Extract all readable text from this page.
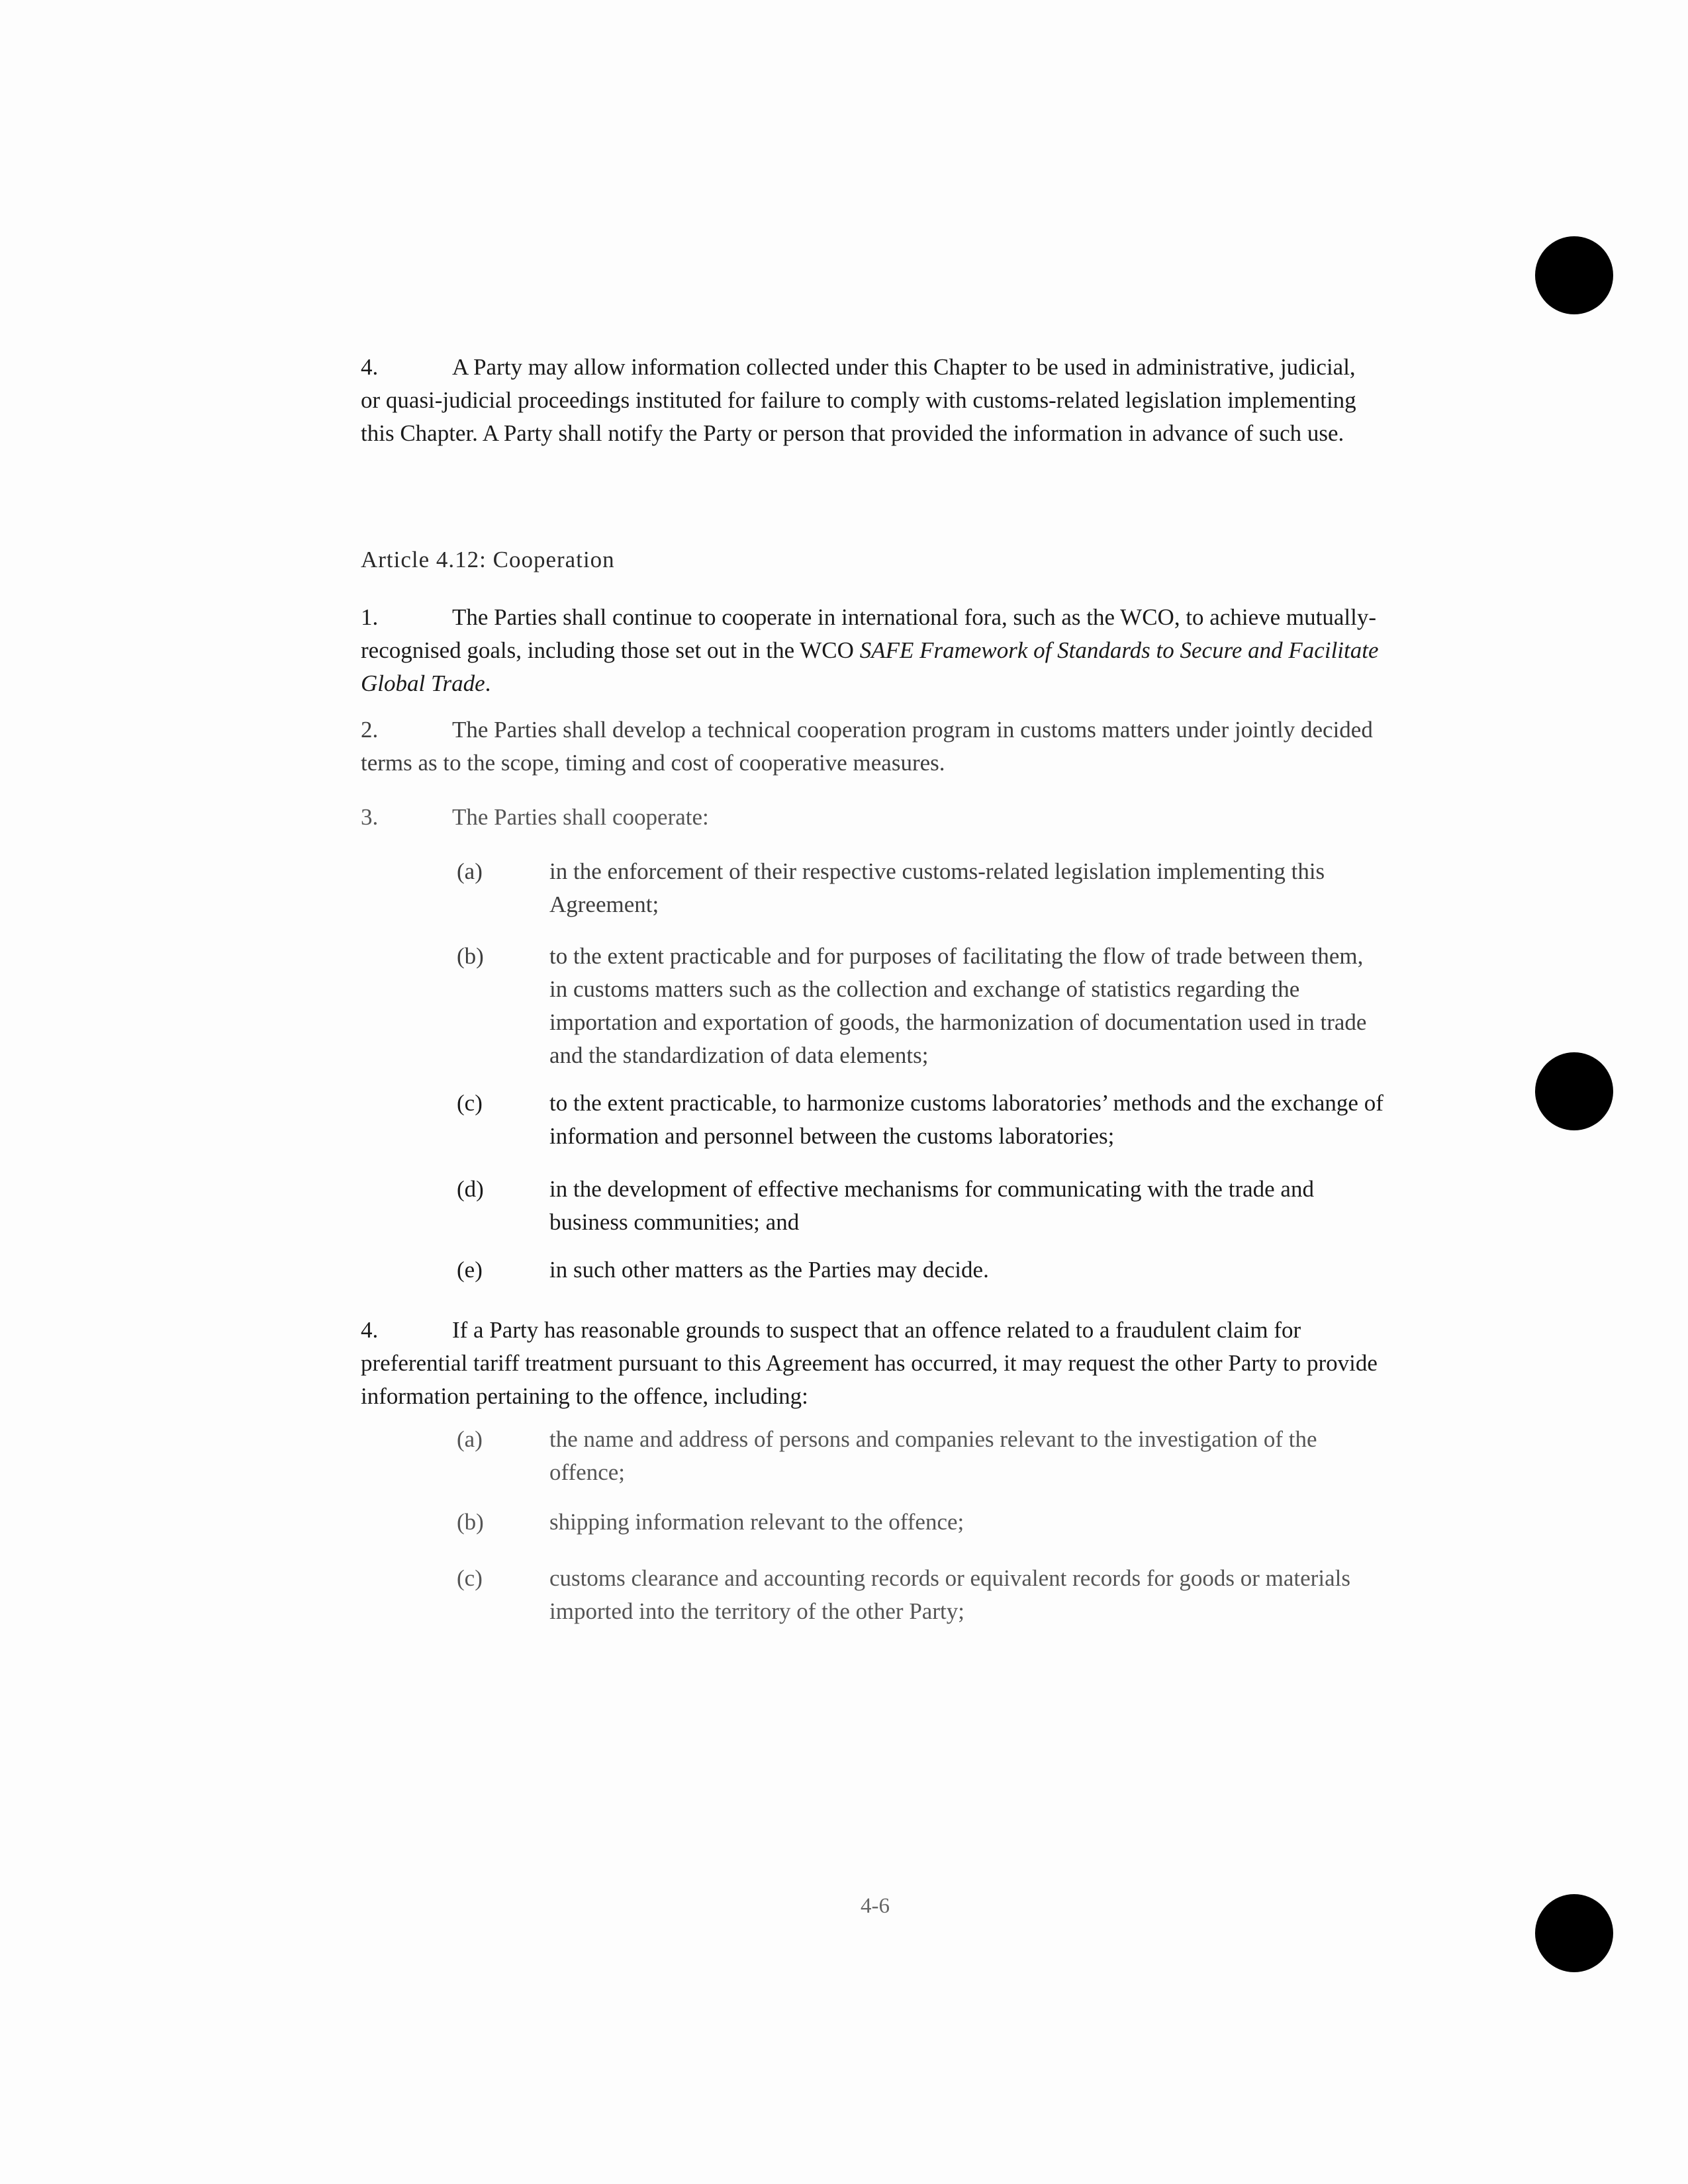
4.	A Party may allow information collected under this Chapter to be used in administrative, judicial, or quasi-judicial proceedings instituted for failure to comply with customs-related legislation implementing this Chapter. A Party shall notify the Party or person that provided the information in advance of such use.
Article 4.12: Cooperation
1.	The Parties shall continue to cooperate in international fora, such as the WCO, to achieve mutually-recognised goals, including those set out in the WCO SAFE Framework of Standards to Secure and Facilitate Global Trade.
2.	The Parties shall develop a technical cooperation program in customs matters under jointly decided terms as to the scope, timing and cost of cooperative measures.
3.	The Parties shall cooperate:
(a)	in the enforcement of their respective customs-related legislation implementing this Agreement;
(b)	to the extent practicable and for purposes of facilitating the flow of trade between them, in customs matters such as the collection and exchange of statistics regarding the importation and exportation of goods, the harmonization of documentation used in trade and the standardization of data elements;
(c)	to the extent practicable, to harmonize customs laboratories’ methods and the exchange of information and personnel between the customs laboratories;
(d)	in the development of effective mechanisms for communicating with the trade and business communities; and
(e)	in such other matters as the Parties may decide.
4.	If a Party has reasonable grounds to suspect that an offence related to a fraudulent claim for preferential tariff treatment pursuant to this Agreement has occurred, it may request the other Party to provide information pertaining to the offence, including:
(a)	the name and address of persons and companies relevant to the investigation of the offence;
(b)	shipping information relevant to the offence;
(c)	customs clearance and accounting records or equivalent records for goods or materials imported into the territory of the other Party;
4-6
